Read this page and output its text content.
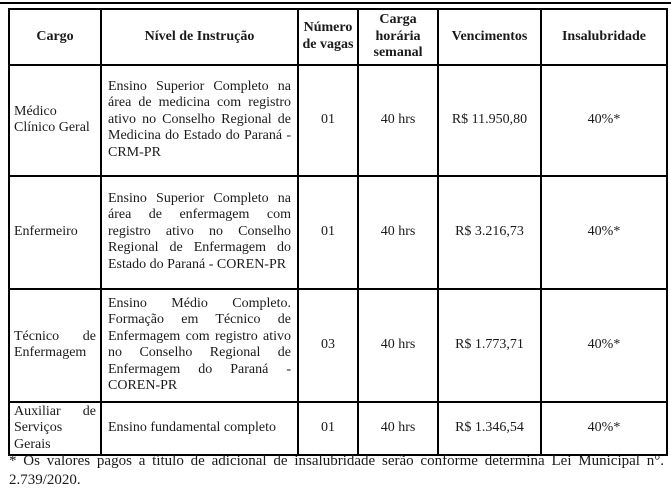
Cargo	Nível de Instrução	Número de vagas	Carga horária semanal	Vencimentos	Insalubridade
Médico Clínico Geral	Ensino Superior Completo na área de medicina com registro ativo no Conselho Regional de Medicina do Estado do Paraná - CRM-PR	01	40 hrs	R$ 11.950,80	40%*
Enfermeiro	Ensino Superior Completo na área de enfermagem com registro ativo no Conselho Regional de Enfermagem do Estado do Paraná - COREN-PR	01	40 hrs	R$ 3.216,73	40%*
Técnico de Enfermagem	Ensino Médio Completo. Formação em Técnico de Enfermagem com registro ativo no Conselho Regional de Enfermagem do Paraná - COREN-PR	03	40 hrs	R$ 1.773,71	40%*
Auxiliar de Serviços Gerais	Ensino fundamental completo	01	40 hrs	R$ 1.346,54	40%*
* Os valores pagos a título de adicional de insalubridade serão conforme determina Lei Municipal n°. 2.739/2020.
